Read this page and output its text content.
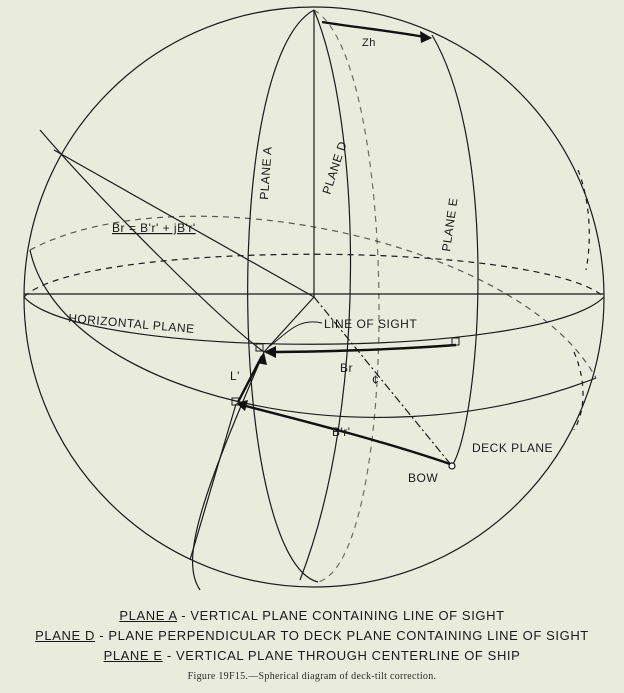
Zh
PLANE A	PLANE D
PLANE E
Br = B'r' + jB'r'
HORIZONTAL PLANE	LINE OF SIGHT
L'
Br
¢
B'r'
DECK PLANE
BOW
PLANE A - VERTICAL PLANE CONTAINING LINE OF SIGHT
PLANE D - PLANE PERPENDICULAR TO DECK PLANE CONTAINING LINE OF SIGHT
PLANE E - VERTICAL PLANE THROUGH CENTERLINE OF SHIP
Figure 19F15.—Spherical diagram of deck-tilt correction.
